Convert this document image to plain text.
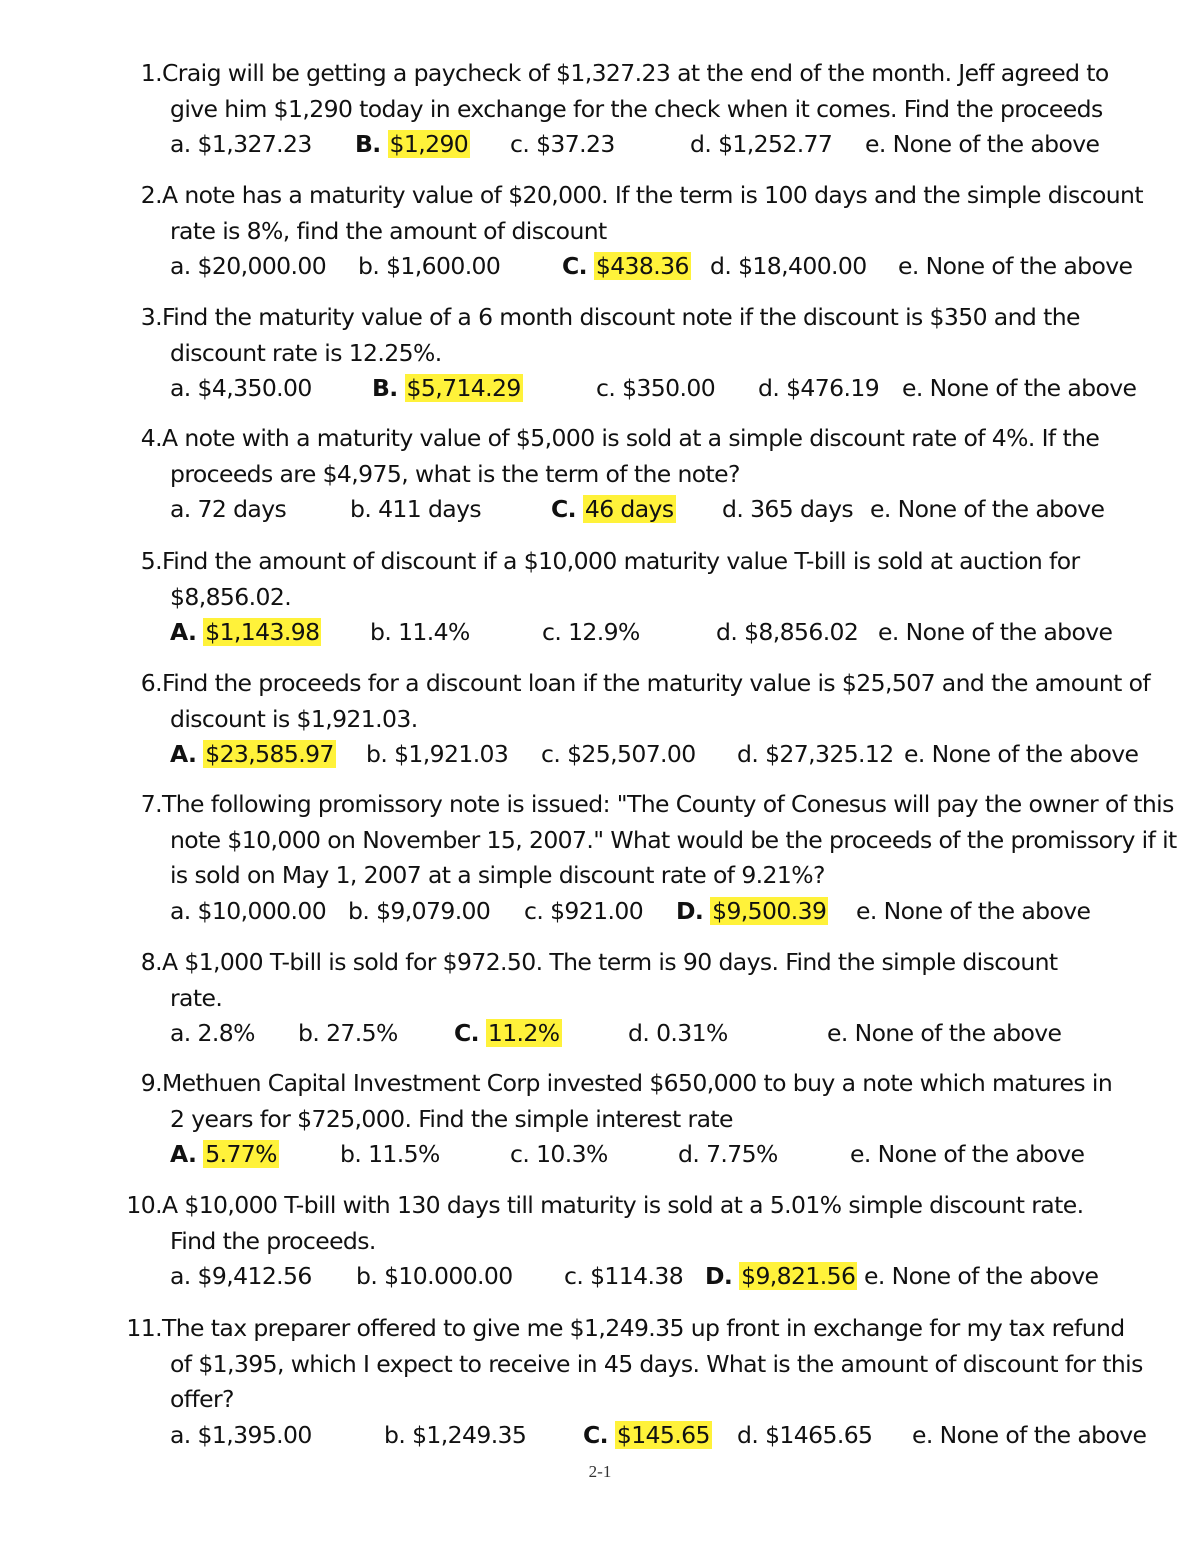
1. Craig will be getting a paycheck of $1,327.23 at the end of the month. Jeff agreed to
give him $1,290 today in exchange for the check when it comes. Find the proceeds
a. $1,327.23 B. $1,290 c. $37.23	d. $1,252.77 e. None of the above
2. A note has a maturity value of $20,000. If the term is 100 days and the simple discount
rate is 8%, find the amount of discount
a. $20,000.00 b. $1,600.00	C. $438.36 d. $18,400.00 e. None of the above
3. Find the maturity value of a 6 month discount note if the discount is $350 and the
discount rate is 12.25%.
a. $4,350.00	B. $5,714.29	c. $350.00 d. $476.19 e. None of the above
4. A note with a maturity value of $5,000 is sold at a simple discount rate of 4%. If the
proceeds are $4,975, what is the term of the note?
a. 72 days	b. 411 days	C. 46 days d. 365 days e. None of the above
5. Find the amount of discount if a $10,000 maturity value T-bill is sold at auction for
$8,856.02.
A. $1,143.98 b. 11.4%	c. 12.9%	d. $8,856.02 e. None of the above
6. Find the proceeds for a discount loan if the maturity value is $25,507 and the amount of
discount is $1,921.03.
A. $23,585.97 b. $1,921.03 c. $25,507.00 d. $27,325.12 e. None of the above
7. The following promissory note is issued: "The County of Conesus will pay the owner of this
note $10,000 on November 15, 2007." What would be the proceeds of the promissory if it
is sold on May 1, 2007 at a simple discount rate of 9.21%?
a. $10,000.00 b. $9,079.00 c. $921.00 D. $9,500.39 e. None of the above
8. A $1,000 T-bill is sold for $972.50. The term is 90 days. Find the simple discount
rate.
a. 2.8% b. 27.5% C. 11.2%	d. 0.31%	e. None of the above
9. Methuen Capital Investment Corp invested $650,000 to buy a note which matures in
2 years for $725,000. Find the simple interest rate
A. 5.77%	b. 11.5%	c. 10.3%	d. 7.75%	e. None of the above
10. A $10,000 T-bill with 130 days till maturity is sold at a 5.01% simple discount rate.
Find the proceeds.
a. $9,412.56 b. $10.000.00 c. $114.38 D. $9,821.56 e. None of the above
11. The tax preparer offered to give me $1,249.35 up front in exchange for my tax refund
of $1,395, which I expect to receive in 45 days. What is the amount of discount for this
offer?
a. $1,395.00	b. $1,249.35 C. $145.65 d. $1465.65 e. None of the above
2-1
